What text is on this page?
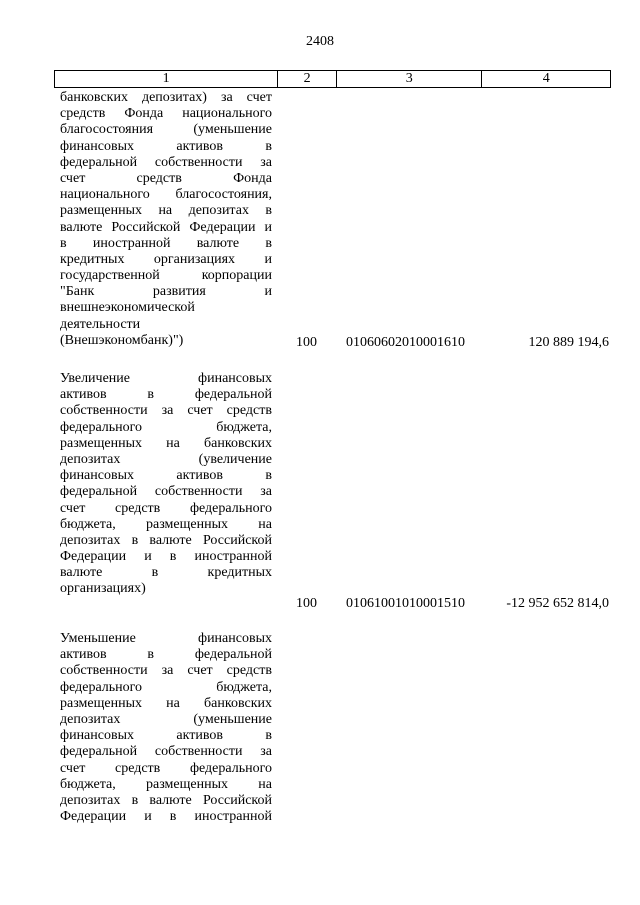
2408
1	2	3	4
банковских депозитах) за счет
средств Фонда национального
благосостояния (уменьшение
финансовых активов в
федеральной собственности за
счет средств Фонда
национального благосостояния,
размещенных на депозитах в
валюте Российской Федерации и
в иностранной валюте в
кредитных организациях и
государственной корпорации
"Банк развития и
внешнеэкономической
деятельности
(Внешэкономбанк)")	100 01060602010001610	120 889 194,6
Увеличение финансовых
активов в федеральной
собственности за счет средств
федерального бюджета,
размещенных на банковских
депозитах (увеличение
финансовых активов в
федеральной собственности за
счет средств федерального
бюджета, размещенных на
депозитах в валюте Российской
Федерации и в иностранной
валюте в кредитных
организациях)
100 01061001010001510	-12 952 652 814,0
Уменьшение финансовых
активов в федеральной
собственности за счет средств
федерального бюджета,
размещенных на банковских
депозитах (уменьшение
финансовых активов в
федеральной собственности за
счет средств федерального
бюджета, размещенных на
депозитах в валюте Российской
Федерации и в иностранной
